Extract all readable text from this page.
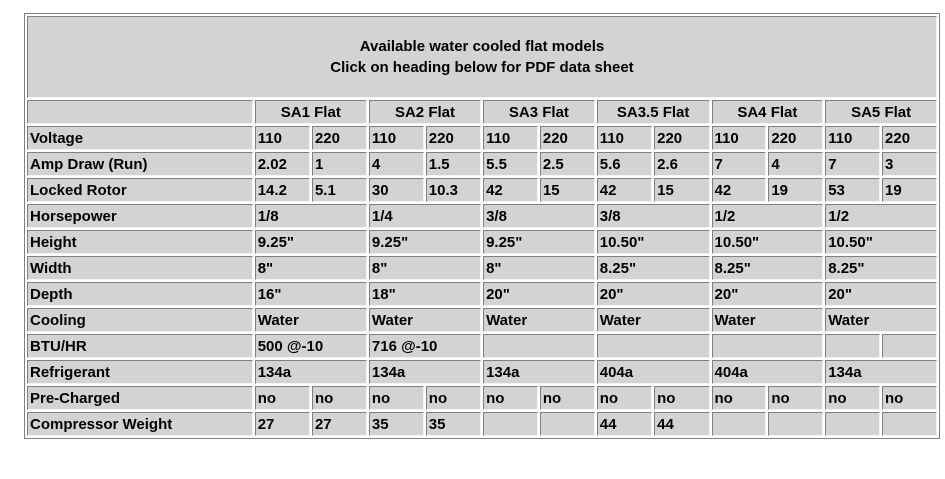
Available water cooled flat models
Click on heading below for PDF data sheet												

	SA1 Flat		SA2 Flat		SA3 Flat		SA3.5 Flat		SA4 Flat		SA5 Flat	
Voltage	110	220	110	220	110	220	110	220	110	220	110	220
Amp Draw (Run)	2.02	1	4	1.5	5.5	2.5	5.6	2.6	7	4	7	3
Locked Rotor	14.2	5.1	30	10.3	42	15	42	15	42	19	53	19
Horsepower	1/8		1/4		3/8		3/8		1/2		1/2	
Height	9.25"		9.25"		9.25"		10.50"		10.50"		10.50"	
Width	8"		8"		8"		8.25"		8.25"		8.25"	
Depth	16"		18"		20"		20"		20"		20"	
Cooling	Water		Water		Water		Water		Water		Water	
BTU/HR	500 @-10		716 @-10									
Refrigerant	134a		134a		134a		404a		404a		134a	
Pre-Charged	no	no	no	no	no	no	no	no	no	no	no	no
Compressor Weight	27	27	35	35			44	44				
